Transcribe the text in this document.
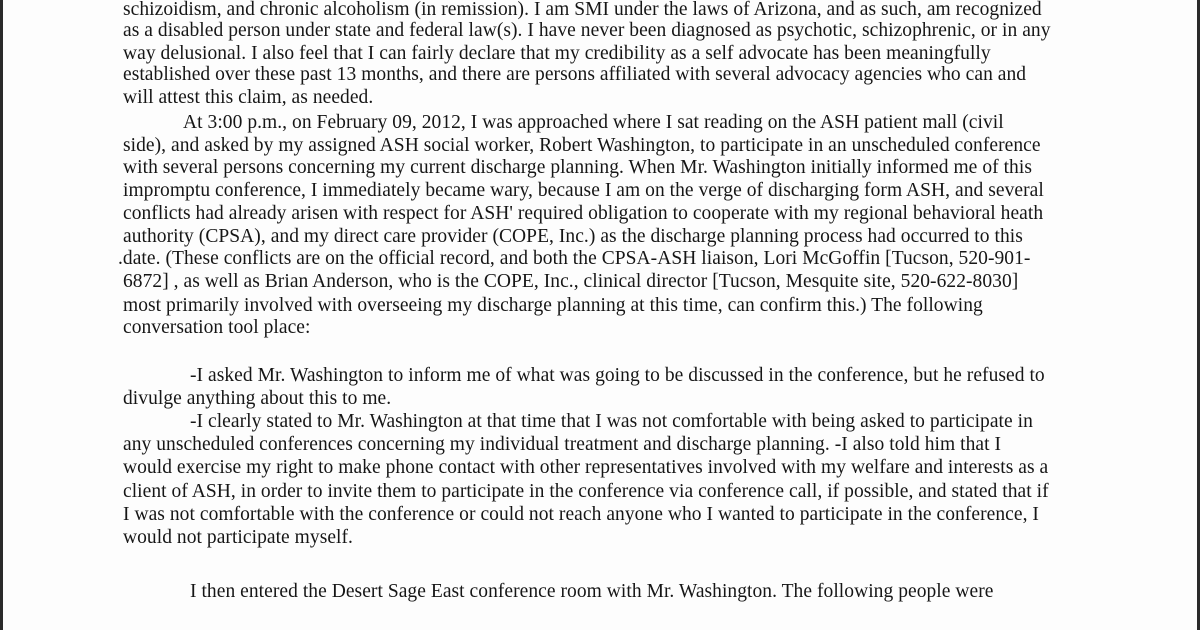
schizoidism, and chronic alcoholism (in remission). I am SMI under the laws of Arizona, and as such, am recognized
as a disabled person under state and federal law(s). I have never been diagnosed as psychotic, schizophrenic, or in any
way delusional. I also feel that I can fairly declare that my credibility as a self advocate has been meaningfully
established over these past 13 months, and there are persons affiliated with several advocacy agencies who can and
will attest this claim, as needed.
At 3:00 p.m., on February 09, 2012, I was approached where I sat reading on the ASH patient mall (civil
side), and asked by my assigned ASH social worker, Robert Washington, to participate in an unscheduled conference
with several persons concerning my current discharge planning. When Mr. Washington initially informed me of this
impromptu conference, I immediately became wary, because I am on the verge of discharging form ASH, and several
conflicts had already arisen with respect for ASH' required obligation to cooperate with my regional behavioral heath
authority (CPSA), and my direct care provider (COPE, Inc.) as the discharge planning process had occurred to this
.date. (These conflicts are on the official record, and both the CPSA-ASH liaison, Lori McGoffin [Tucson, 520-901-
6872] , as well as Brian Anderson, who is the COPE, Inc., clinical director [Tucson, Mesquite site, 520-622-8030]
most primarily involved with overseeing my discharge planning at this time, can confirm this.) The following
conversation tool place:
-I asked Mr. Washington to inform me of what was going to be discussed in the conference, but he refused to
divulge anything about this to me.
-I clearly stated to Mr. Washington at that time that I was not comfortable with being asked to participate in
any unscheduled conferences concerning my individual treatment and discharge planning. -I also told him that I
would exercise my right to make phone contact with other representatives involved with my welfare and interests as a
client of ASH, in order to invite them to participate in the conference via conference call, if possible, and stated that if
I was not comfortable with the conference or could not reach anyone who I wanted to participate in the conference, I
would not participate myself.
I then entered the Desert Sage East conference room with Mr. Washington. The following people were
